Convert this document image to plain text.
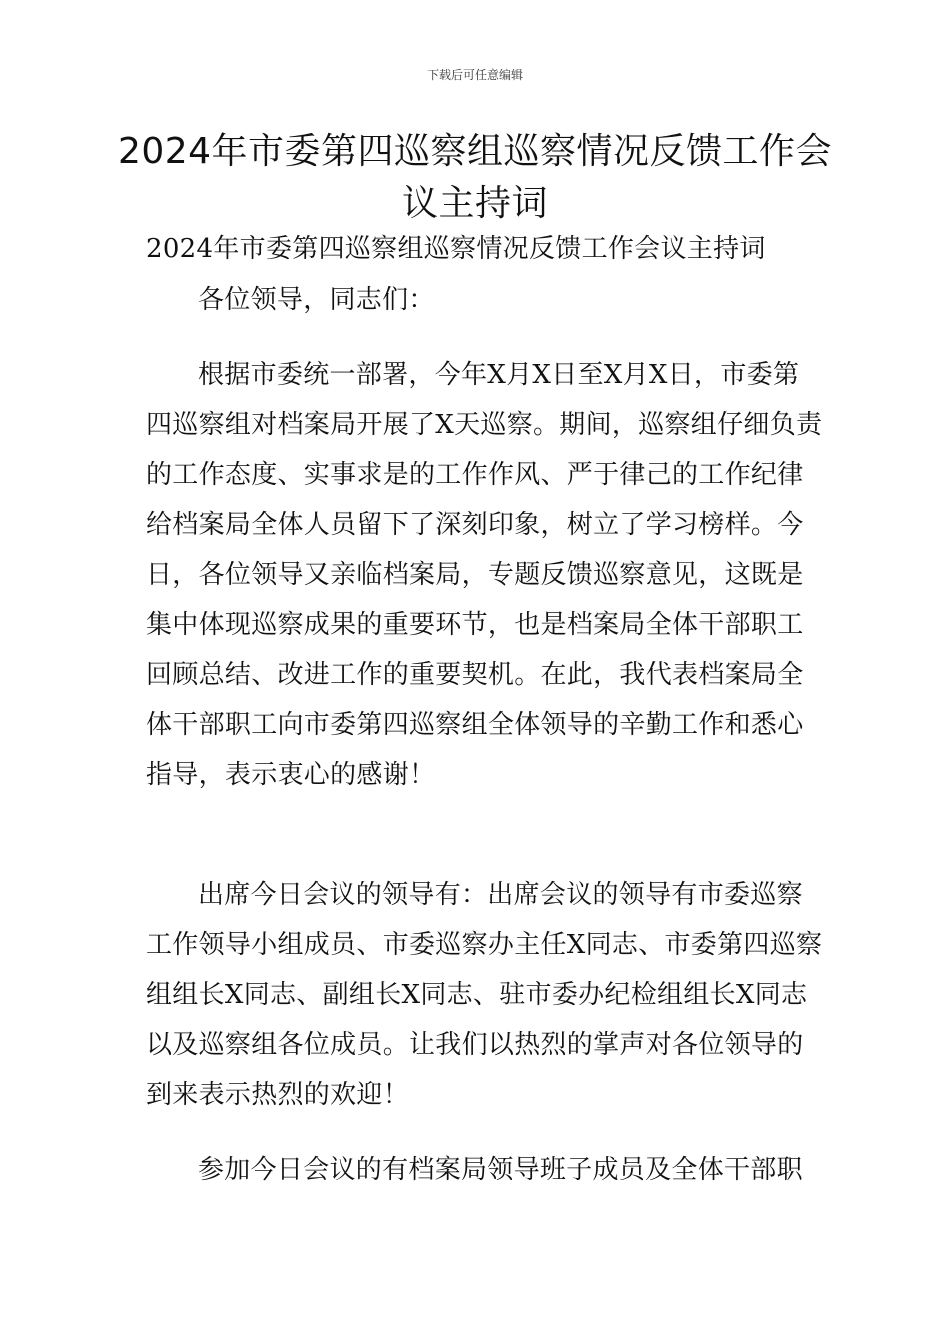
下载后可任意编辑
2024年市委第四巡察组巡察情况反馈工作会议主持词
2024年市委第四巡察组巡察情况反馈工作会议主持词
各位领导，同志们：
根据市委统一部署，今年X月X日至X月X日，市委第
四巡察组对档案局开展了X天巡察。期间，巡察组仔细负责
的工作态度、实事求是的工作作风、严于律己的工作纪律
给档案局全体人员留下了深刻印象，树立了学习榜样。今
日，各位领导又亲临档案局，专题反馈巡察意见，这既是
集中体现巡察成果的重要环节，也是档案局全体干部职工
回顾总结、改进工作的重要契机。在此，我代表档案局全
体干部职工向市委第四巡察组全体领导的辛勤工作和悉心
指导，表示衷心的感谢！
出席今日会议的领导有：出席会议的领导有市委巡察
工作领导小组成员、市委巡察办主任X同志、市委第四巡察
组组长X同志、副组长X同志、驻市委办纪检组组长X同志
以及巡察组各位成员。让我们以热烈的掌声对各位领导的
到来表示热烈的欢迎！
参加今日会议的有档案局领导班子成员及全体干部职
